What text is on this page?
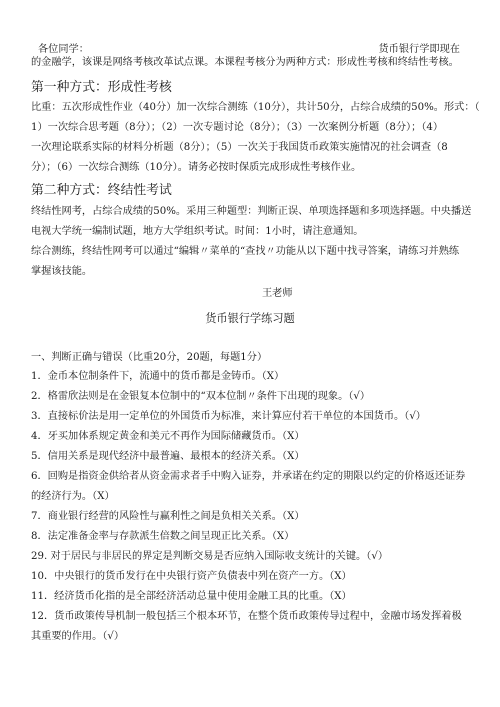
各位同学：	货币银行学即现在
的金融学，该课是网络考核改革试点课。本课程考核分为两种方式：形成性考核和终结性考核。
第一种方式：形成性考核
比重：五次形成性作业（40分）加一次综合测练（10分），共计50分，占综合成绩的50%。形式：（
1）一次综合思考题（8分）；（2）一次专题讨论（8分）；（3）一次案例分析题（8分）；（4）
一次理论联系实际的材料分析题（8分）；（5）一次关于我国货币政策实施情况的社会调查（8
分）；（6）一次综合测练（10分）。请务必按时保质完成形成性考核作业。
第二种方式：终结性考试
终结性网考，占综合成绩的50%。采用三种题型：判断正误、单项选择题和多项选择题。中央播送
电视大学统一编制试题，地方大学组织考试。时间：1小时，请注意通知。
综合测练，终结性网考可以通过“编辑〃菜单的“查找〃功能从以下题中找寻答案，请练习并熟练
掌握该技能。
王老师
货币银行学练习题
一、判断正确与错误（比重20分，20题，每题1分）
1．金币本位制条件下，流通中的货币都是金铸币。（X）
2．格雷欣法则是在金银复本位制中的“双本位制〃条件下出现的现象。（√）
3．直接标价法是用一定单位的外国货币为标准，来计算应付若干单位的本国货币。（√）
4．牙买加体系规定黄金和美元不再作为国际储藏货币。（X）
5．信用关系是现代经济中最普遍、最根本的经济关系。（X）
6．回购是指资金供给者从资金需求者手中购入证券，并承诺在约定的期限以约定的价格返还证券
的经济行为。（X）
7．商业银行经营的风险性与赢利性之间是负相关关系。（X）
8．法定准备金率与存款派生倍数之间呈现正比关系。（X）
29. 对于居民与非居民的界定是判断交易是否应纳入国际收支统计的关键。（√）
10．中央银行的货币发行在中央银行资产负债表中列在资产一方。（X）
11．经济货币化指的是全部经济活动总量中使用金融工具的比重。（X）
12．货币政策传导机制一般包括三个根本环节，在整个货币政策传导过程中，金融市场发挥着极
其重要的作用。（√）
